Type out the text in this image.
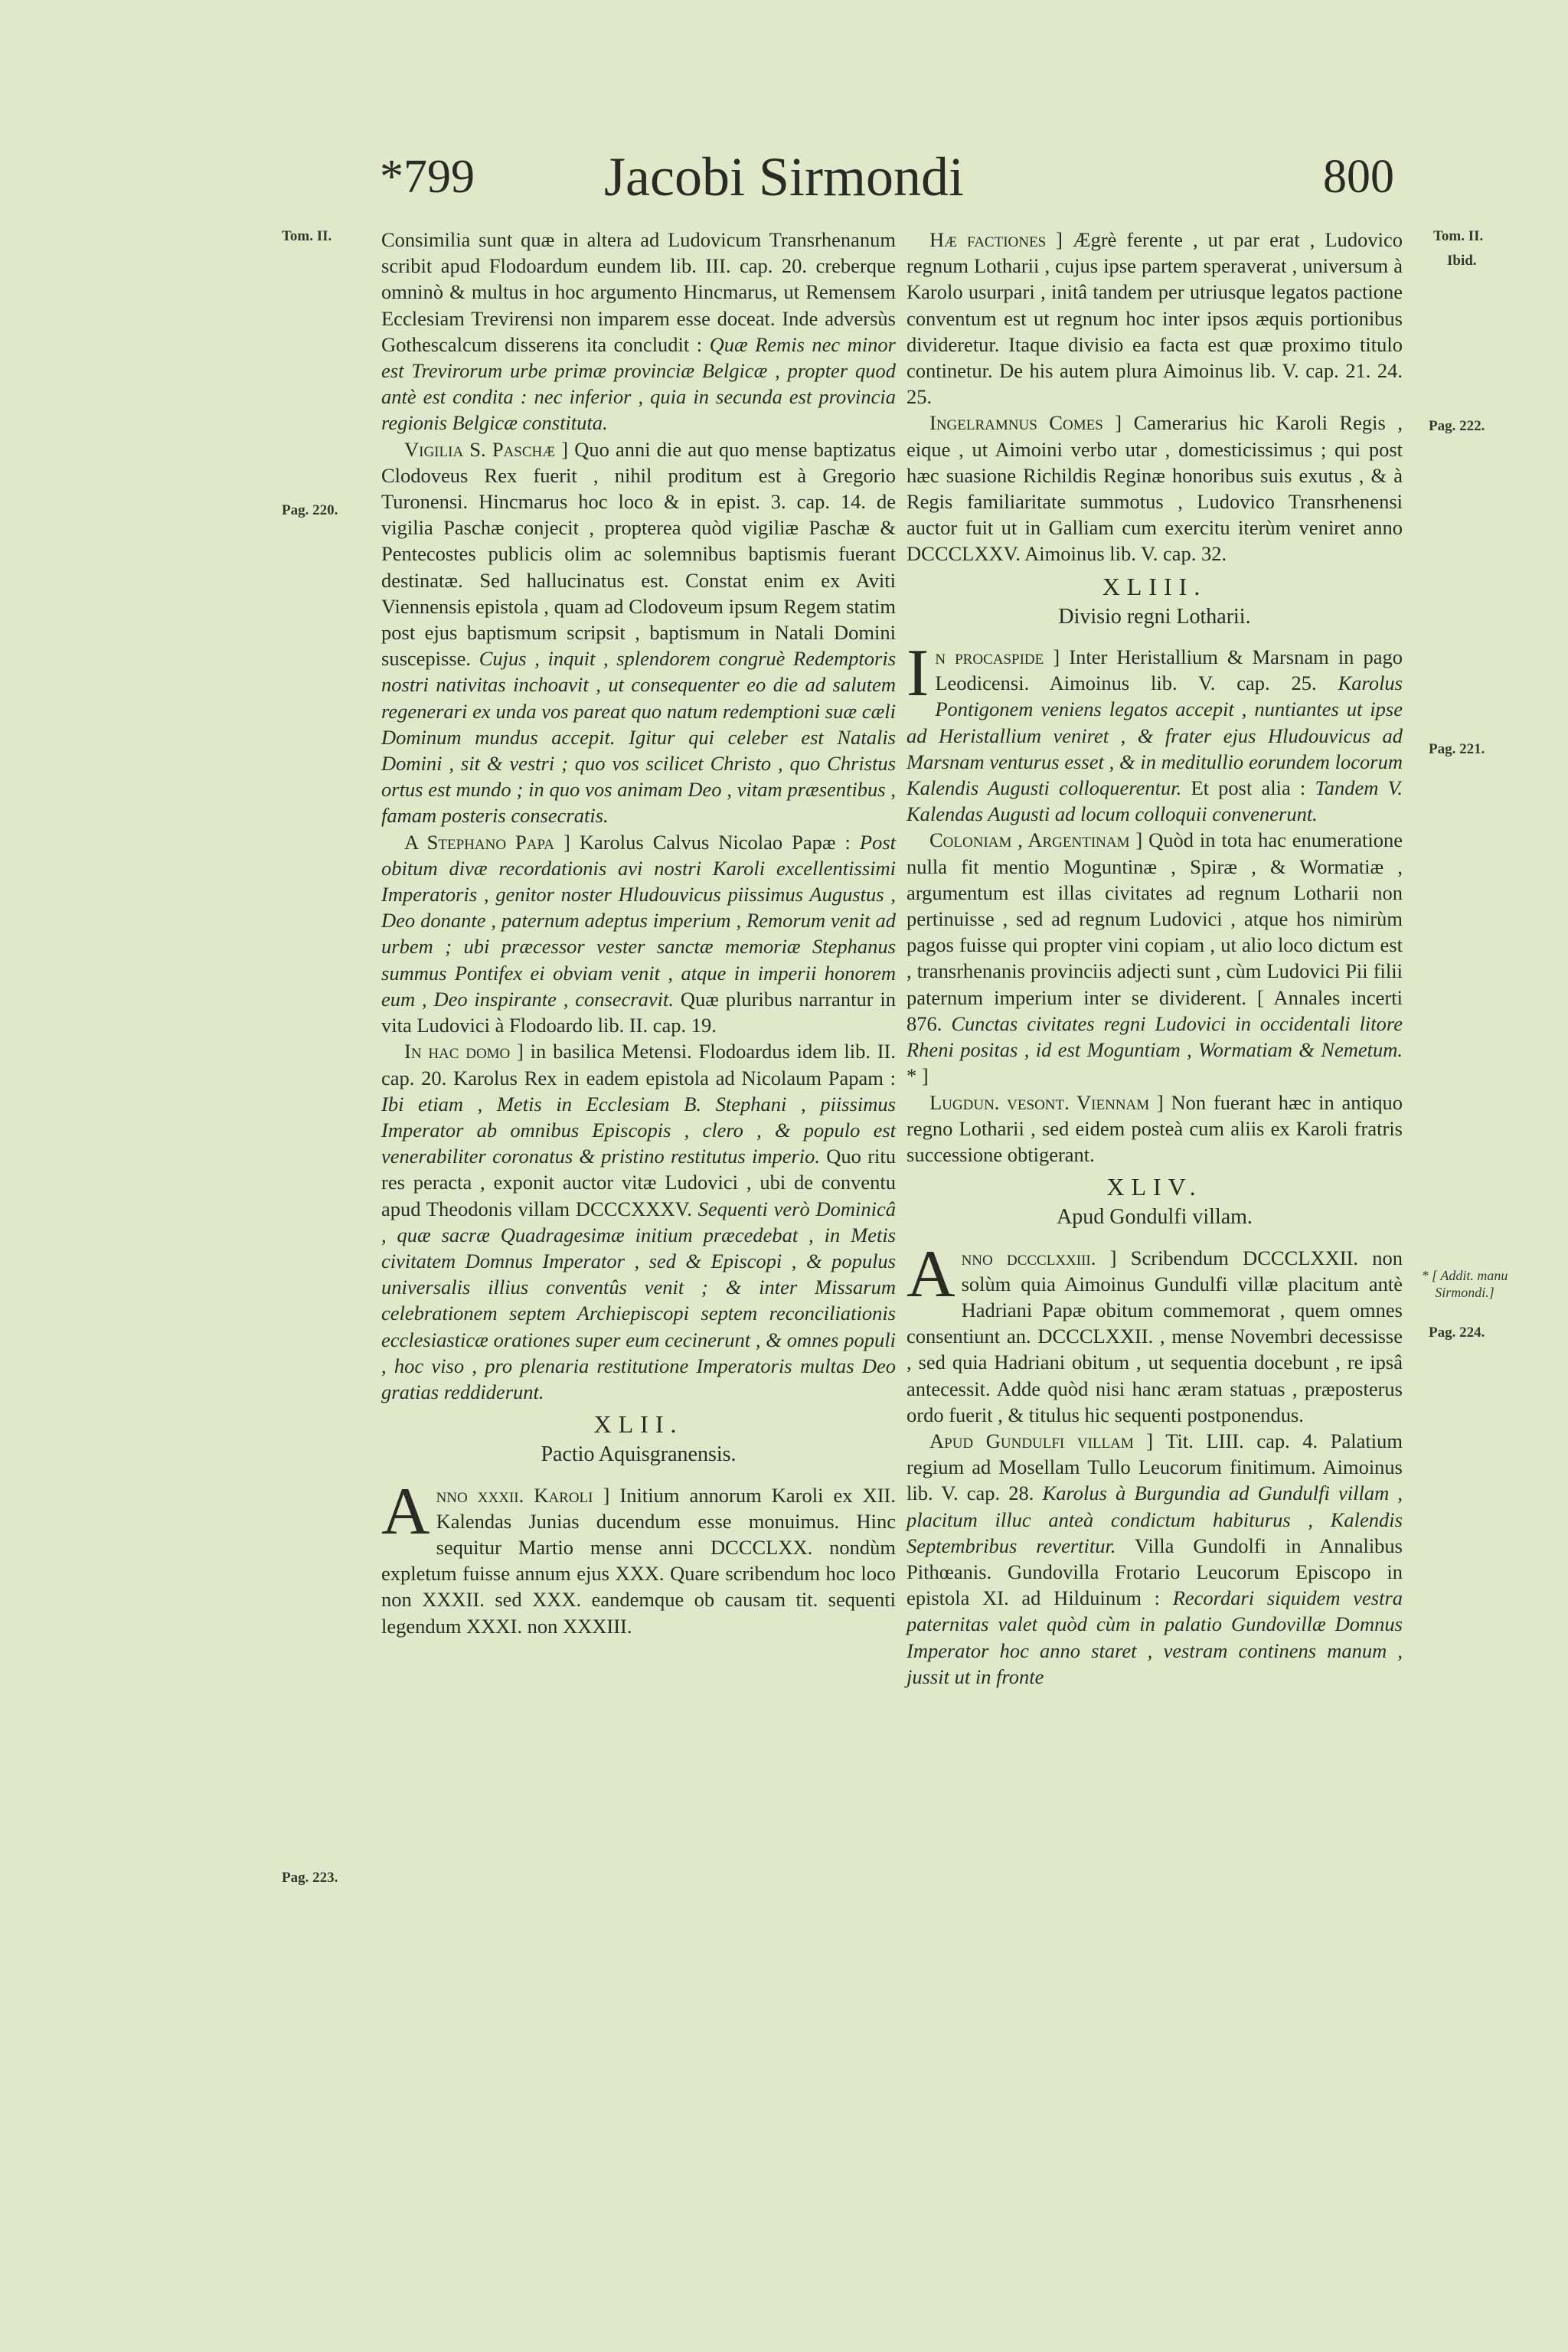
*799	Jacobi Sirmondi	800
Tom. II.
Pag. 220.
Pag. 223.
Tom. II.
Ibid.
Pag. 222.
Pag. 221.
* [ Addit. manu Sirmondi.]
Pag. 224.

Consimilia sunt quæ in altera ad Ludovicum Transrhenanum scribit apud Flodoardum eundem lib. III. cap. 20. creberque omninò & multus in hoc argumento Hincmarus, ut Remensem Ecclesiam Trevirensi non imparem esse doceat. Inde adversùs Gothescalcum disserens ita concludit : Quæ Remis nec minor est Trevirorum urbe primæ provinciæ Belgicæ , propter quod antè est condita : nec inferior , quia in secunda est provincia regionis Belgicæ constituta.

Vigilia S. Paschæ ] Quo anni die aut quo mense baptizatus Clodoveus Rex fuerit , nihil proditum est à Gregorio Turonensi. Hincmarus hoc loco & in epist. 3. cap. 14. de vigilia Paschæ conjecit , propterea quòd vigiliæ Paschæ & Pentecostes publicis olim ac solemnibus baptismis fuerant destinatæ. Sed hallucinatus est. Constat enim ex Aviti Viennensis epistola , quam ad Clodoveum ipsum Regem statim post ejus baptismum scripsit , baptismum in Natali Domini suscepisse. Cujus , inquit , splendorem congruè Redemptoris nostri nativitas inchoavit , ut consequenter eo die ad salutem regenerari ex unda vos pareat quo natum redemptioni suæ cæli Dominum mundus accepit. Igitur qui celeber est Natalis Domini , sit & vestri ; quo vos scilicet Christo , quo Christus ortus est mundo ; in quo vos animam Deo , vitam præsentibus , famam posteris consecratis.

A Stephano Papa ] Karolus Calvus Nicolao Papæ : Post obitum divæ recordationis avi nostri Karoli excellentissimi Imperatoris , genitor noster Hludouvicus piissimus Augustus , Deo donante , paternum adeptus imperium , Remorum venit ad urbem ; ubi præcessor vester sanctæ memoriæ Stephanus summus Pontifex ei obviam venit , atque in imperii honorem eum , Deo inspirante , consecravit. Quæ pluribus narrantur in vita Ludovici à Flodoardo lib. II. cap. 19.

In hac domo ] in basilica Metensi. Flodoardus idem lib. II. cap. 20. Karolus Rex in eadem epistola ad Nicolaum Papam : Ibi etiam , Metis in Ecclesiam B. Stephani , piissimus Imperator ab omnibus Episcopis , clero , & populo est venerabiliter coronatus & pristino restitutus imperio. Quo ritu res peracta , exponit auctor vitæ Ludovici , ubi de conventu apud Theodonis villam DCCCXXXV. Sequenti verò Dominicâ , quæ sacræ Quadragesimæ initium præcedebat , in Metis civitatem Domnus Imperator , sed & Episcopi , & populus universalis illius conventûs venit ; & inter Missarum celebrationem septem Archiepiscopi septem reconciliationis ecclesiasticæ orationes super eum cecinerunt , & omnes populi , hoc viso , pro plenaria restitutione Imperatoris multas Deo gratias reddiderunt.

XLII.
Pactio Aquisgranensis.

A nno xxxii. Karoli ] Initium annorum Karoli ex XII. Kalendas Junias ducendum esse monuimus. Hinc sequitur Martio mense anni DCCCLXX. nondùm expletum fuisse annum ejus XXX. Quare scribendum hoc loco non XXXII. sed XXX. eandemque ob causam tit. sequenti legendum XXXI. non XXXIII.

Hæ factiones ] Ægrè ferente , ut par erat , Ludovico regnum Lotharii , cujus ipse partem speraverat , universum à Karolo usurpari , initâ tandem per utriusque legatos pactione conventum est ut regnum hoc inter ipsos æquis portionibus divideretur. Itaque divisio ea facta est quæ proximo titulo continetur. De his autem plura Aimoinus lib. V. cap. 21. 24. 25.

Ingelramnus Comes ] Camerarius hic Karoli Regis , eique , ut Aimoini verbo utar , domesticissimus ; qui post hæc suasione Richildis Reginæ honoribus suis exutus , & à Regis familiaritate summotus , Ludovico Transrhenensi auctor fuit ut in Galliam cum exercitu iterùm veniret anno DCCCLXXV. Aimoinus lib. V. cap. 32.

XLIII.
Divisio regni Lotharii.

I n procaspide ] Inter Heristallium & Marsnam in pago Leodicensi. Aimoinus lib. V. cap. 25. Karolus Pontigonem veniens legatos accepit , nuntiantes ut ipse ad Heristallium veniret , & frater ejus Hludouvicus ad Marsnam venturus esset , & in meditullio eorundem locorum Kalendis Augusti colloquerentur. Et post alia : Tandem V. Kalendas Augusti ad locum colloquii convenerunt.

Coloniam , Argentinam ] Quòd in tota hac enumeratione nulla fit mentio Moguntinæ , Spiræ , & Wormatiæ , argumentum est illas civitates ad regnum Lotharii non pertinuisse , sed ad regnum Ludovici , atque hos nimirùm pagos fuisse qui propter vini copiam , ut alio loco dictum est , transrhenanis provinciis adjecti sunt , cùm Ludovici Pii filii paternum imperium inter se dividerent. [ Annales incerti 876. Cunctas civitates regni Ludovici in occidentali litore Rheni positas , id est Moguntiam , Wormatiam & Nemetum. * ]

Lugdun. vesont. Viennam ] Non fuerant hæc in antiquo regno Lotharii , sed eidem posteà cum aliis ex Karoli fratris successione obtigerant.

XLIV.
Apud Gondulfi villam.

A nno dccclxxiii. ] Scribendum DCCCLXXII. non solùm quia Aimoinus Gundulfi villæ placitum antè Hadriani Papæ obitum commemorat , quem omnes consentiunt an. DCCCLXXII. , mense Novembri decessisse , sed quia Hadriani obitum , ut sequentia docebunt , re ipsâ antecessit. Adde quòd nisi hanc æram statuas , præposterus ordo fuerit , & titulus hic sequenti postponendus.

Apud Gundulfi villam ] Tit. LIII. cap. 4. Palatium regium ad Mosellam Tullo Leucorum finitimum. Aimoinus lib. V. cap. 28. Karolus à Burgundia ad Gundulfi villam , placitum illuc anteà condictum habiturus , Kalendis Septembribus revertitur. Villa Gundolfi in Annalibus Pithœanis. Gundovilla Frotario Leucorum Episcopo in epistola XI. ad Hilduinum : Recordari siquidem vestra paternitas valet quòd cùm in palatio Gundovillæ Domnus Imperator hoc anno staret , vestram continens manum , jussit ut in fronte
